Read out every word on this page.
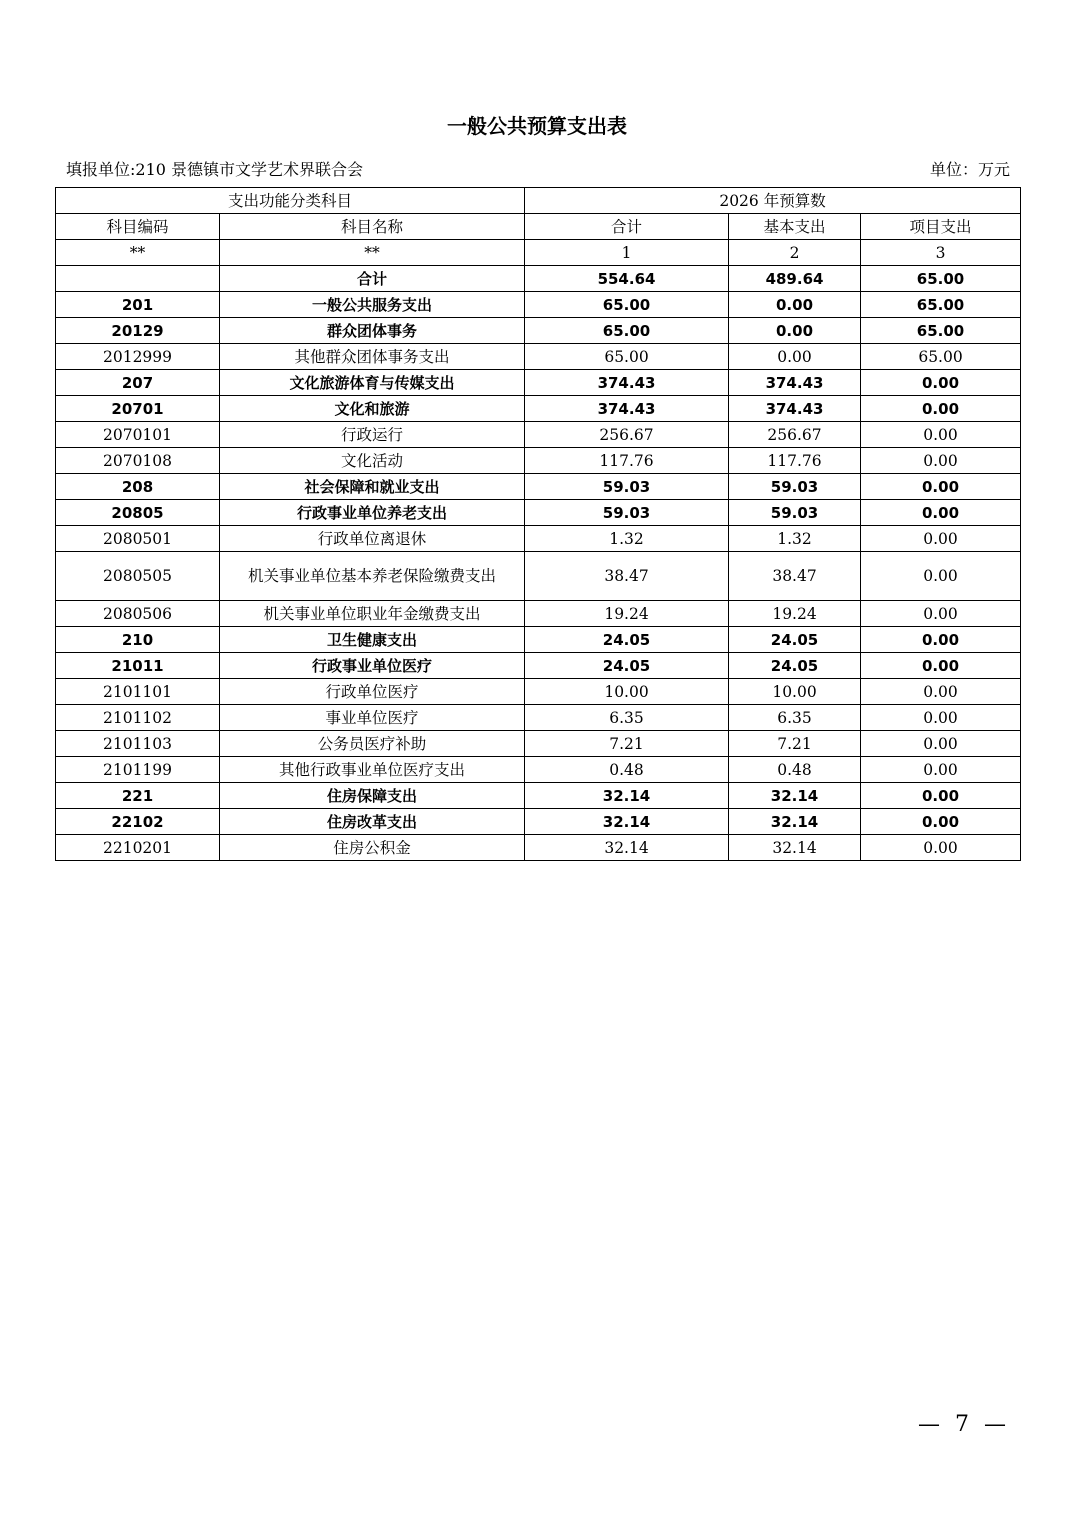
一般公共预算支出表
填报单位:210 景德镇市文学艺术界联合会	单位：万元
支出功能分类科目		2026 年预算数		
科目编码	科目名称	合计	基本支出	项目支出
**	**	1	2	3
	合计	554.64	489.64	65.00
201	一般公共服务支出	65.00	0.00	65.00
20129	群众团体事务	65.00	0.00	65.00
2012999	其他群众团体事务支出	65.00	0.00	65.00
207	文化旅游体育与传媒支出	374.43	374.43	0.00
20701	文化和旅游	374.43	374.43	0.00
2070101	行政运行	256.67	256.67	0.00
2070108	文化活动	117.76	117.76	0.00
208	社会保障和就业支出	59.03	59.03	0.00
20805	行政事业单位养老支出	59.03	59.03	0.00
2080501	行政单位离退休	1.32	1.32	0.00
2080505	机关事业单位基本养老保险缴费支出	38.47	38.47	0.00
2080506	机关事业单位职业年金缴费支出	19.24	19.24	0.00
210	卫生健康支出	24.05	24.05	0.00
21011	行政事业单位医疗	24.05	24.05	0.00
2101101	行政单位医疗	10.00	10.00	0.00
2101102	事业单位医疗	6.35	6.35	0.00
2101103	公务员医疗补助	7.21	7.21	0.00
2101199	其他行政事业单位医疗支出	0.48	0.48	0.00
221	住房保障支出	32.14	32.14	0.00
22102	住房改革支出	32.14	32.14	0.00
2210201	住房公积金	32.14	32.14	0.00
— 7 —
